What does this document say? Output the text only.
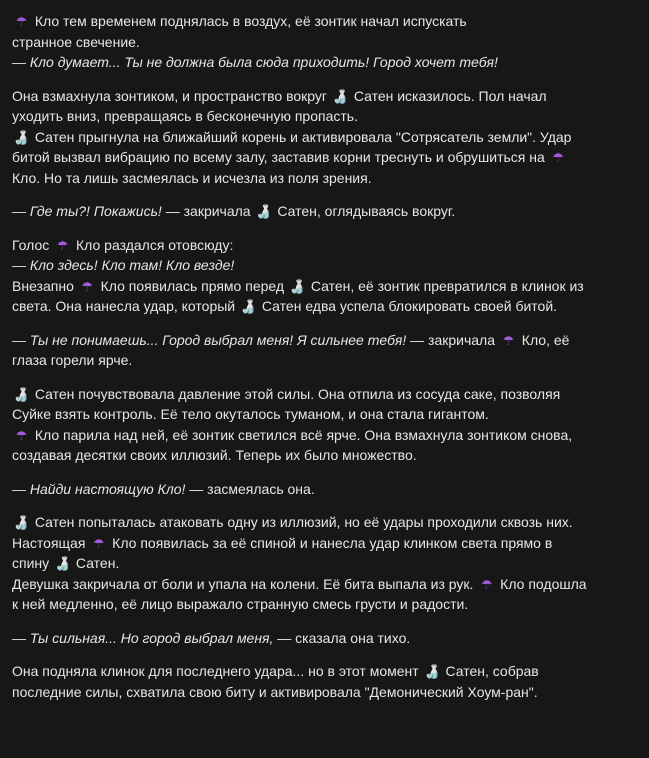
☂ Кло тем временем поднялась в воздух, её зонтик начал испускать
странное свечение.
— Кло думает... Ты не должна была сюда приходить! Город хочет тебя!
Она взмахнула зонтиком, и пространство вокруг 🍶 Сатен исказилось. Пол начал
уходить вниз, превращаясь в бесконечную пропасть.
🍶 Сатен прыгнула на ближайший корень и активировала "Сотрясатель земли". Удар
битой вызвал вибрацию по всему залу, заставив корни треснуть и обрушиться на ☂
Кло. Но та лишь засмеялась и исчезла из поля зрения.
— Где ты?! Покажись! — закричала 🍶 Сатен, оглядываясь вокруг.
Голос ☂ Кло раздался отовсюду:
— Кло здесь! Кло там! Кло везде!
Внезапно ☂ Кло появилась прямо перед 🍶 Сатен, её зонтик превратился в клинок из
света. Она нанесла удар, который 🍶 Сатен едва успела блокировать своей битой.
— Ты не понимаешь... Город выбрал меня! Я сильнее тебя! — закричала ☂ Кло, её
глаза горели ярче.
🍶 Сатен почувствовала давление этой силы. Она отпила из сосуда саке, позволяя
Суйке взять контроль. Её тело окуталось туманом, и она стала гигантом.
☂ Кло парила над ней, её зонтик светился всё ярче. Она взмахнула зонтиком снова,
создавая десятки своих иллюзий. Теперь их было множество.
— Найди настоящую Кло! — засмеялась она.
🍶 Сатен попыталась атаковать одну из иллюзий, но её удары проходили сквозь них.
Настоящая ☂ Кло появилась за её спиной и нанесла удар клинком света прямо в
спину 🍶 Сатен.
Девушка закричала от боли и упала на колени. Её бита выпала из рук. ☂ Кло подошла
к ней медленно, её лицо выражало странную смесь грусти и радости.
— Ты сильная... Но город выбрал меня, — сказала она тихо.
Она подняла клинок для последнего удара... но в этот момент 🍶 Сатен, собрав
последние силы, схватила свою биту и активировала "Демонический Хоум-ран".
